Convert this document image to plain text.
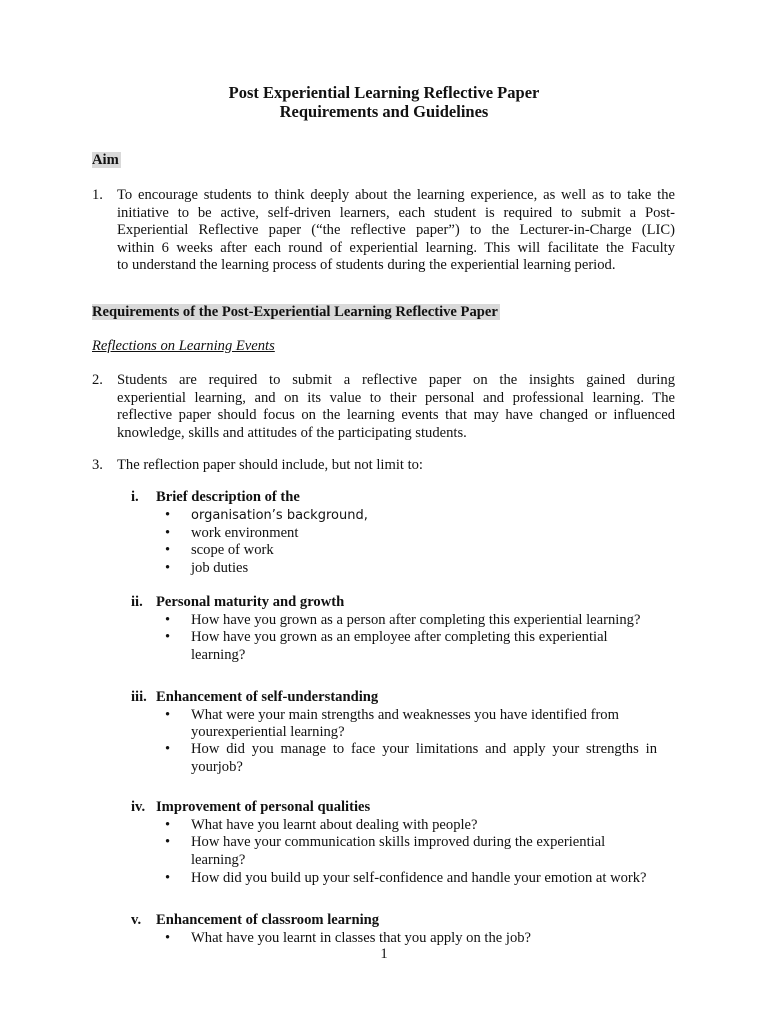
Post Experiential Learning Reflective Paper
Requirements and Guidelines
Aim
1. To encourage students to think deeply about the learning experience, as well as to take the
initiative to be active, self-driven learners, each student is required to submit a Post-
Experiential Reflective paper (“the reflective paper”) to the Lecturer-in-Charge (LIC)
within 6 weeks after each round of experiential learning. This will facilitate the Faculty
to understand the learning process of students during the experiential learning period.
Requirements of the Post-Experiential Learning Reflective Paper
Reflections on Learning Events
2. Students are required to submit a reflective paper on the insights gained during
experiential learning, and on its value to their personal and professional learning. The
reflective paper should focus on the learning events that may have changed or influenced
knowledge, skills and attitudes of the participating students.
3. The reflection paper should include, but not limit to:
i. Brief description of the
• organisation’s background,
• work environment
• scope of work
• job duties
ii. Personal maturity and growth
• How have you grown as a person after completing this experiential learning?
• How have you grown as an employee after completing this experiential
learning?
iii. Enhancement of self-understanding
• What were your main strengths and weaknesses you have identified from
yourexperiential learning?
• How did you manage to face your limitations and apply your strengths in
yourjob?
iv. Improvement of personal qualities
• What have you learnt about dealing with people?
• How have your communication skills improved during the experiential
learning?
• How did you build up your self-confidence and handle your emotion at work?
v. Enhancement of classroom learning
• What have you learnt in classes that you apply on the job?
1
